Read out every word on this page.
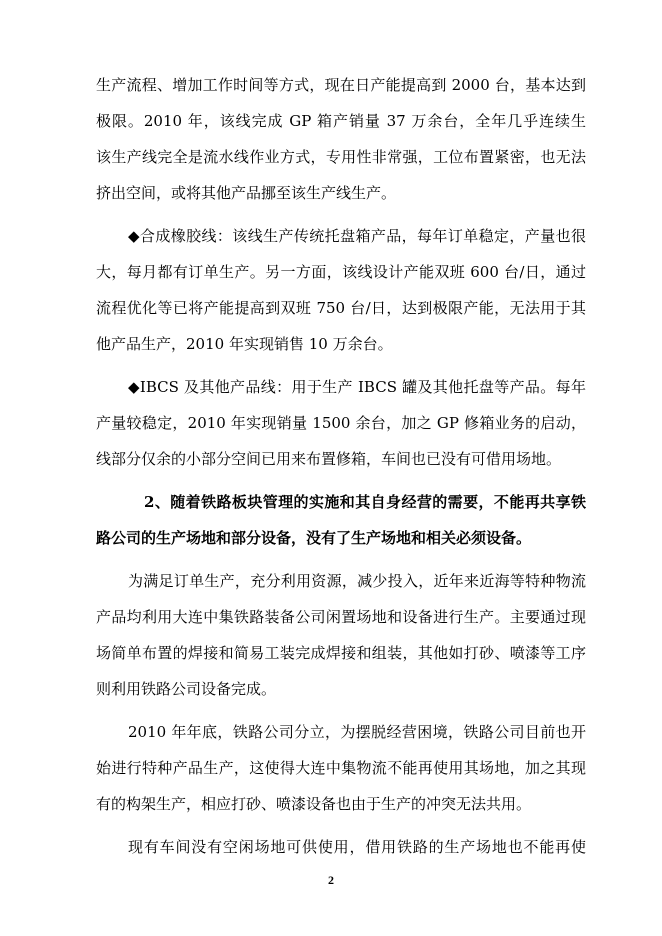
生产流程、增加工作时间等方式，现在日产能提高到 2000 台，基本达到
极限。2010 年，该线完成 GP 箱产销量 37 万余台，全年几乎连续生
该生产线完全是流水线作业方式，专用性非常强，工位布置紧密，也无法
挤出空间，或将其他产品挪至该生产线生产。
◆合成橡胶线：该线生产传统托盘箱产品，每年订单稳定，产量也很
大，每月都有订单生产。另一方面，该线设计产能双班 600 台/日，通过
流程优化等已将产能提高到双班 750 台/日，达到极限产能，无法用于其
他产品生产，2010 年实现销售 10 万余台。
◆IBCS 及其他产品线：用于生产 IBCS 罐及其他托盘等产品。每年
产量较稳定，2010 年实现销量 1500 余台，加之 GP 修箱业务的启动，
线部分仅余的小部分空间已用来布置修箱，车间也已没有可借用场地。
2、随着铁路板块管理的实施和其自身经营的需要，不能再共享铁
路公司的生产场地和部分设备，没有了生产场地和相关必须设备。
为满足订单生产，充分利用资源，减少投入，近年来近海等特种物流
产品均利用大连中集铁路装备公司闲置场地和设备进行生产。主要通过现
场简单布置的焊接和简易工装完成焊接和组装，其他如打砂、喷漆等工序
则利用铁路公司设备完成。
2010 年年底，铁路公司分立，为摆脱经营困境，铁路公司目前也开
始进行特种产品生产，这使得大连中集物流不能再使用其场地，加之其现
有的构架生产，相应打砂、喷漆设备也由于生产的冲突无法共用。
现有车间没有空闲场地可供使用，借用铁路的生产场地也不能再使
2
